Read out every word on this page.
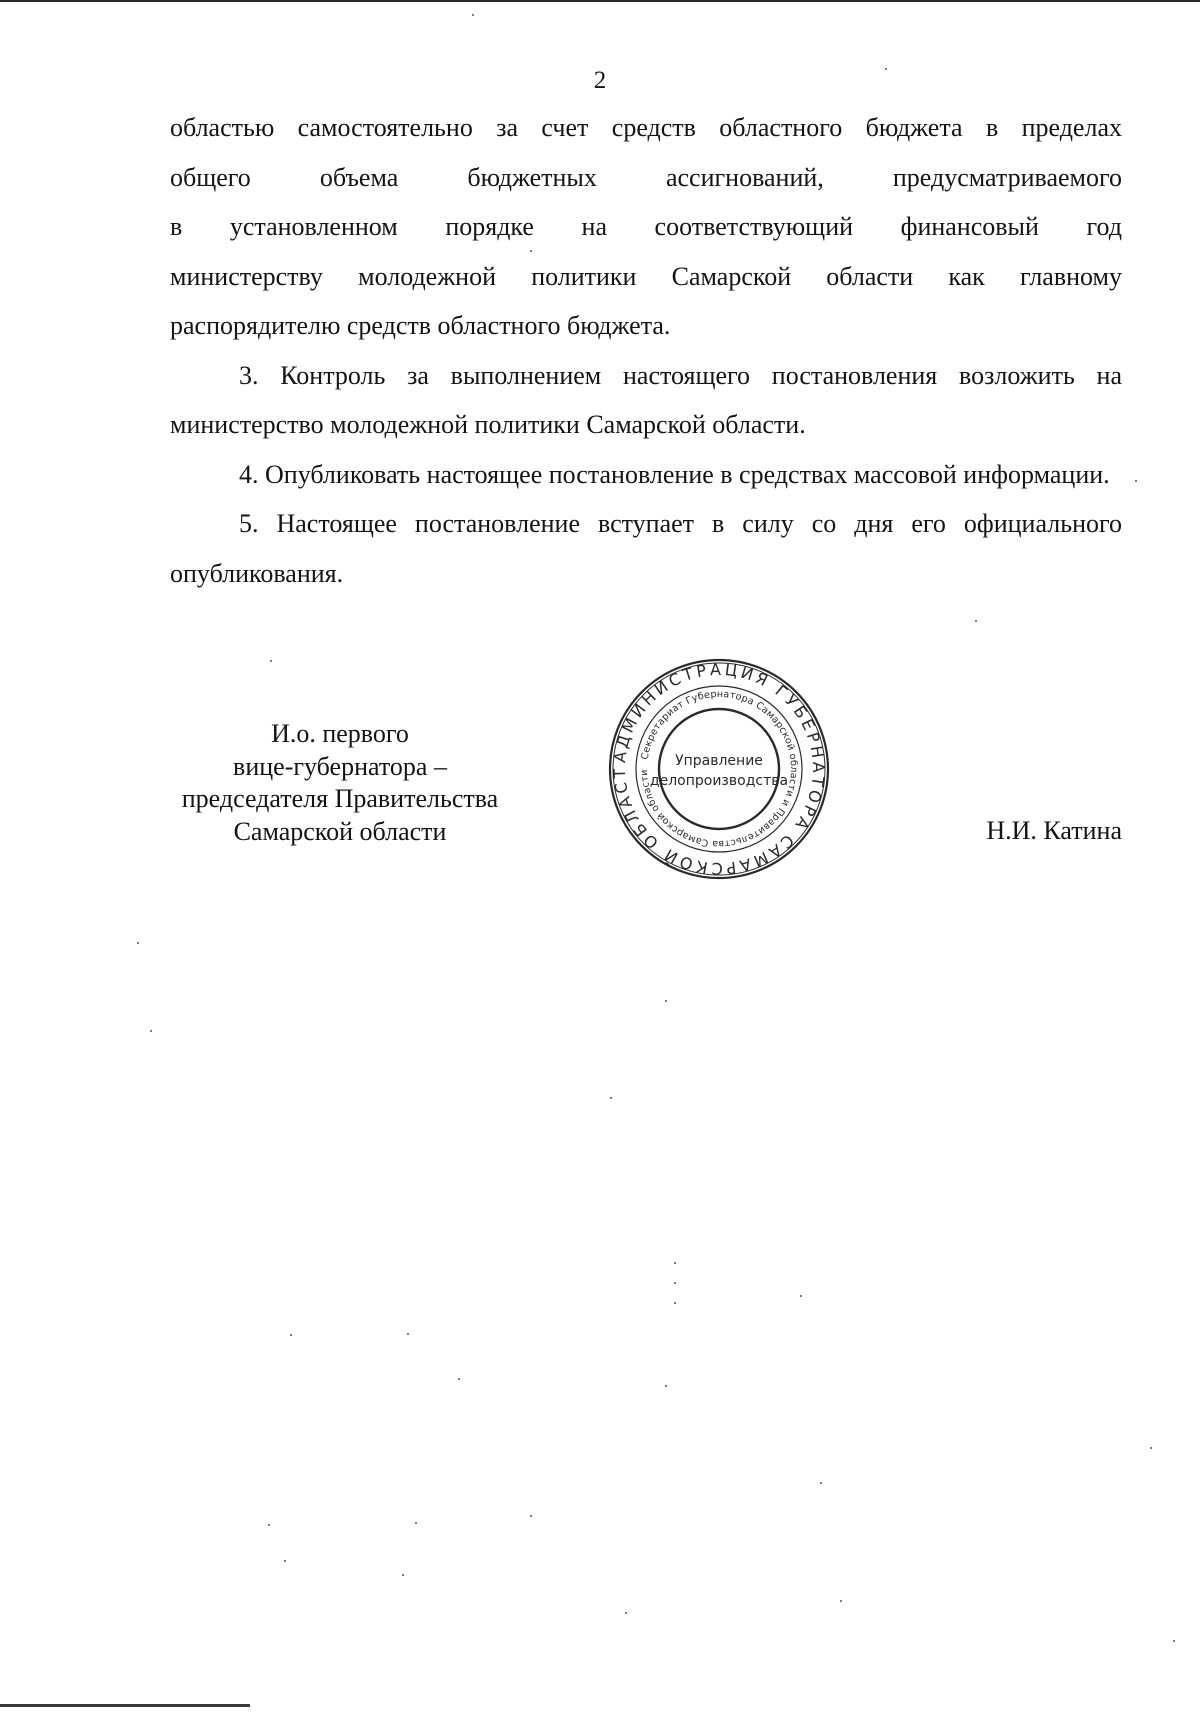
2

областью самостоятельно за счет средств областного бюджета в пределах
общего объема бюджетных ассигнований, предусматриваемого
в установленном порядке на соответствующий финансовый год
министерству молодежной политики Самарской области как главному
распорядителю средств областного бюджета.

3. Контроль за выполнением настоящего постановления возложить на министерство молодежной политики Самарской области.

4. Опубликовать настоящее постановление в средствах массовой информации.

5. Настоящее постановление вступает в силу со дня его официального опубликования.

И.о. первого
вице-губернатора –
председателя Правительства
Самарской области
АДМИНИСТРАЦИЯ ГУБЕРНАТОРА САМАРСКОЙ ОБЛАСТ
Секретариат Губернатора Самарской области и Правительства Самарской области
Управление
делопроизводства
Н.И. Катина
